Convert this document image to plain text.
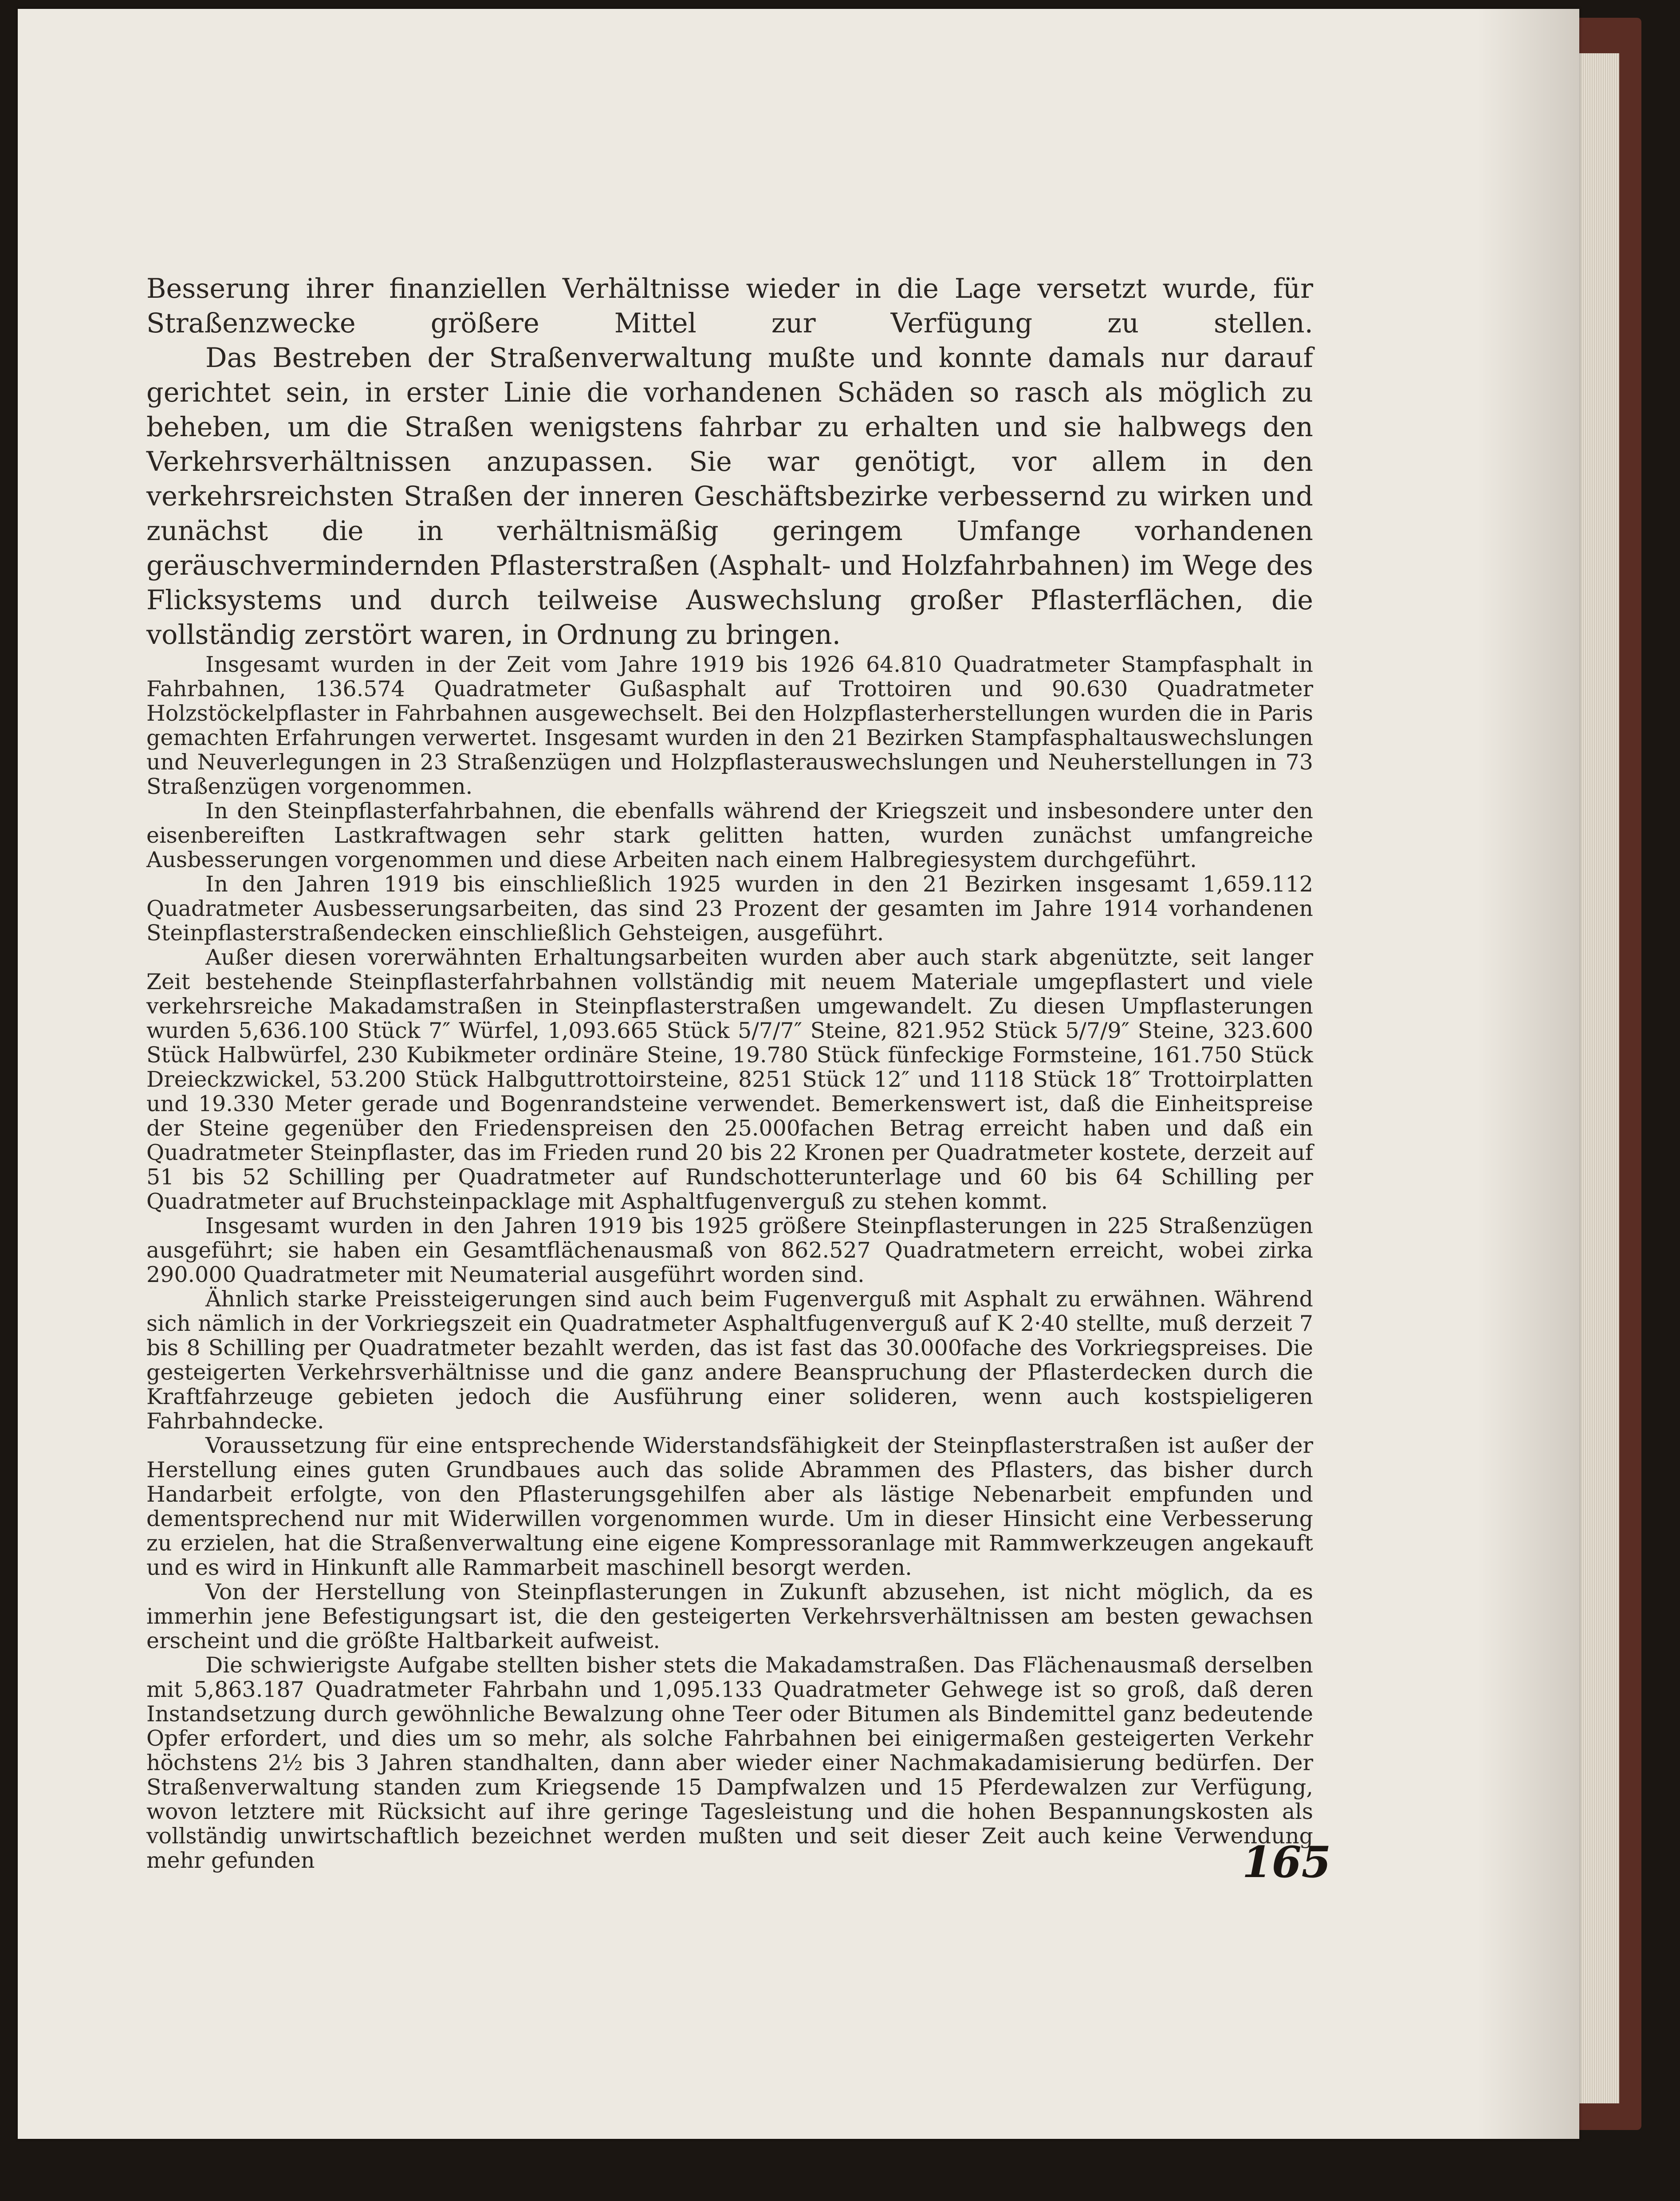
Besserung ihrer finanziellen Verhältnisse wieder in die Lage versetzt wurde, für Straßenzwecke größere Mittel zur Verfügung zu stellen.

Das Bestreben der Straßenverwaltung mußte und konnte damals nur darauf gerichtet sein, in erster Linie die vorhandenen Schäden so rasch als möglich zu beheben, um die Straßen wenigstens fahrbar zu erhalten und sie halbwegs den Verkehrsverhältnissen anzupassen. Sie war genötigt, vor allem in den verkehrsreichsten Straßen der inneren Geschäftsbezirke verbessernd zu wirken und zunächst die in verhältnismäßig geringem Umfange vorhandenen geräuschvermindernden Pflasterstraßen (Asphalt- und Holzfahrbahnen) im Wege des Flicksystems und durch teilweise Auswechslung großer Pflasterflächen, die vollständig zerstört waren, in Ordnung zu bringen.

Insgesamt wurden in der Zeit vom Jahre 1919 bis 1926 64.810 Quadratmeter Stampfasphalt in Fahrbahnen, 136.574 Quadratmeter Gußasphalt auf Trottoiren und 90.630 Quadratmeter Holzstöckelpflaster in Fahrbahnen ausgewechselt. Bei den Holzpflasterherstellungen wurden die in Paris gemachten Erfahrungen verwertet. Insgesamt wurden in den 21 Bezirken Stampfasphaltauswechslungen und Neuverlegungen in 23 Straßenzügen und Holzpflasterauswechslungen und Neuherstellungen in 73 Straßenzügen vorgenommen.

In den Steinpflasterfahrbahnen, die ebenfalls während der Kriegszeit und insbesondere unter den eisenbereiften Lastkraftwagen sehr stark gelitten hatten, wurden zunächst umfangreiche Ausbesserungen vorgenommen und diese Arbeiten nach einem Halbregiesystem durchgeführt.

In den Jahren 1919 bis einschließlich 1925 wurden in den 21 Bezirken insgesamt 1,659.112 Quadratmeter Ausbesserungsarbeiten, das sind 23 Prozent der gesamten im Jahre 1914 vorhandenen Steinpflasterstraßendecken einschließlich Gehsteigen, ausgeführt.

Außer diesen vorerwähnten Erhaltungsarbeiten wurden aber auch stark abgenützte, seit langer Zeit bestehende Steinpflasterfahrbahnen vollständig mit neuem Materiale umgepflastert und viele verkehrsreiche Makadamstraßen in Steinpflasterstraßen umgewandelt. Zu diesen Umpflasterungen wurden 5,636.100 Stück 7″ Würfel, 1,093.665 Stück 5/7/7″ Steine, 821.952 Stück 5/7/9″ Steine, 323.600 Stück Halbwürfel, 230 Kubikmeter ordinäre Steine, 19.780 Stück fünfeckige Formsteine, 161.750 Stück Dreieckzwickel, 53.200 Stück Halbguttrottoirsteine, 8251 Stück 12″ und 1118 Stück 18″ Trottoirplatten und 19.330 Meter gerade und Bogenrandsteine verwendet. Bemerkenswert ist, daß die Einheitspreise der Steine gegenüber den Friedenspreisen den 25.000fachen Betrag erreicht haben und daß ein Quadratmeter Steinpflaster, das im Frieden rund 20 bis 22 Kronen per Quadratmeter kostete, derzeit auf 51 bis 52 Schilling per Quadratmeter auf Rundschotterunterlage und 60 bis 64 Schilling per Quadratmeter auf Bruchsteinpacklage mit Asphaltfugenverguß zu stehen kommt.

Insgesamt wurden in den Jahren 1919 bis 1925 größere Steinpflasterungen in 225 Straßenzügen ausgeführt; sie haben ein Gesamtflächenausmaß von 862.527 Quadratmetern erreicht, wobei zirka 290.000 Quadratmeter mit Neumaterial ausgeführt worden sind.

Ähnlich starke Preissteigerungen sind auch beim Fugenverguß mit Asphalt zu erwähnen. Während sich nämlich in der Vorkriegszeit ein Quadratmeter Asphaltfugenverguß auf K 2·40 stellte, muß derzeit 7 bis 8 Schilling per Quadratmeter bezahlt werden, das ist fast das 30.000fache des Vorkriegspreises. Die gesteigerten Verkehrsverhältnisse und die ganz andere Beanspruchung der Pflasterdecken durch die Kraftfahrzeuge gebieten jedoch die Ausführung einer solideren, wenn auch kostspieligeren Fahrbahndecke.

Voraussetzung für eine entsprechende Widerstandsfähigkeit der Steinpflasterstraßen ist außer der Herstellung eines guten Grundbaues auch das solide Abrammen des Pflasters, das bisher durch Handarbeit erfolgte, von den Pflasterungsgehilfen aber als lästige Nebenarbeit empfunden und dementsprechend nur mit Widerwillen vorgenommen wurde. Um in dieser Hinsicht eine Verbesserung zu erzielen, hat die Straßenverwaltung eine eigene Kompressoranlage mit Rammwerkzeugen angekauft und es wird in Hinkunft alle Rammarbeit maschinell besorgt werden.

Von der Herstellung von Steinpflasterungen in Zukunft abzusehen, ist nicht möglich, da es immerhin jene Befestigungsart ist, die den gesteigerten Verkehrsverhältnissen am besten gewachsen erscheint und die größte Haltbarkeit aufweist.

Die schwierigste Aufgabe stellten bisher stets die Makadamstraßen. Das Flächenausmaß derselben mit 5,863.187 Quadratmeter Fahrbahn und 1,095.133 Quadratmeter Gehwege ist so groß, daß deren Instandsetzung durch gewöhnliche Bewalzung ohne Teer oder Bitumen als Bindemittel ganz bedeutende Opfer erfordert, und dies um so mehr, als solche Fahrbahnen bei einigermaßen gesteigerten Verkehr höchstens 2½ bis 3 Jahren standhalten, dann aber wieder einer Nachmakadamisierung bedürfen. Der Straßenverwaltung standen zum Kriegsende 15 Dampfwalzen und 15 Pferdewalzen zur Verfügung, wovon letztere mit Rücksicht auf ihre geringe Tagesleistung und die hohen Bespannungskosten als vollständig unwirtschaftlich bezeichnet werden mußten und seit dieser Zeit auch keine Verwendung mehr gefunden	165
